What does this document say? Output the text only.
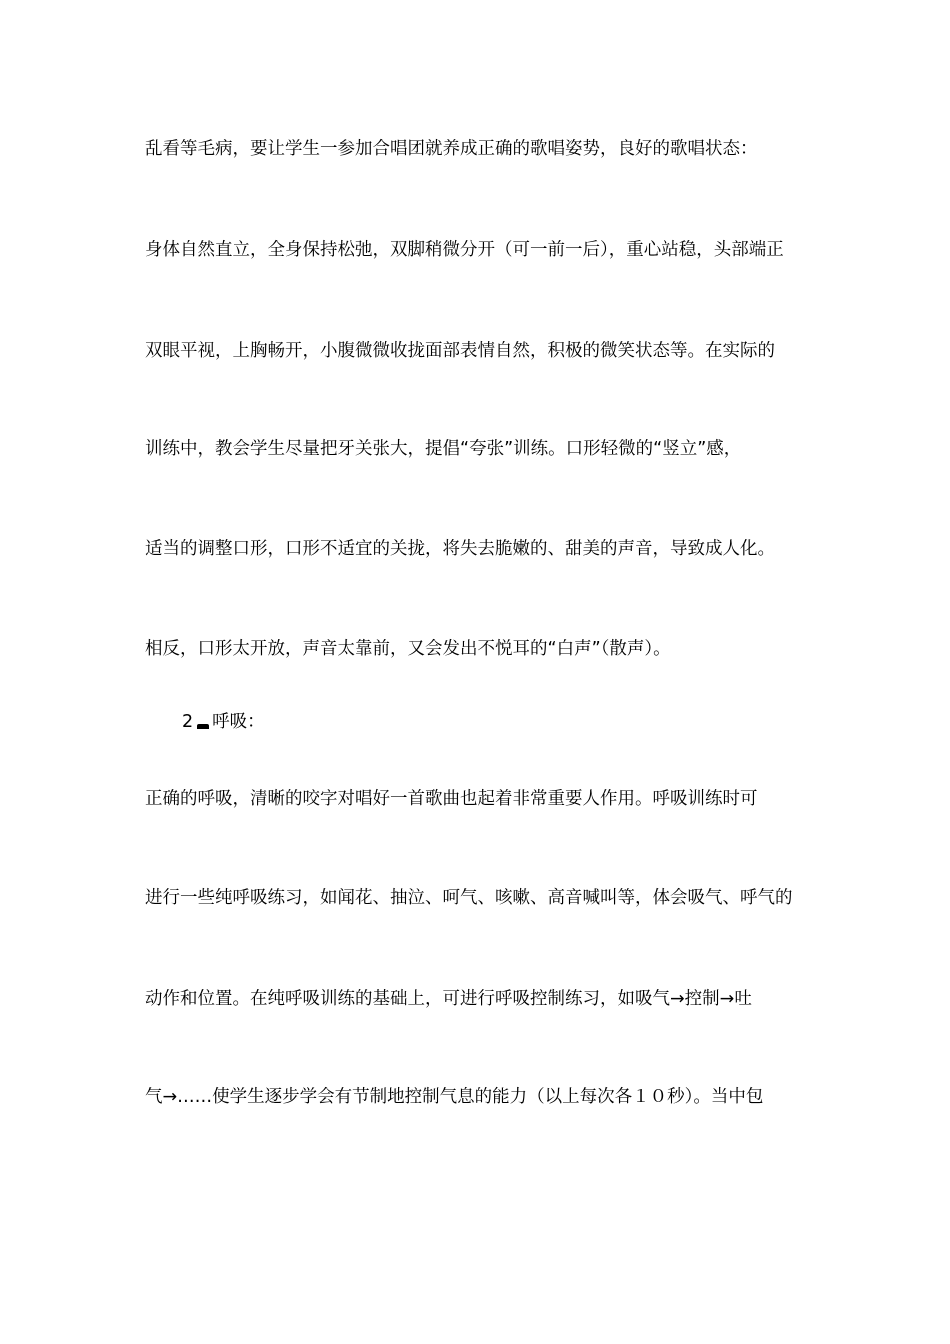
乱看等毛病，要让学生一参加合唱团就养成正确的歌唱姿势，良好的歌唱状态：

身体自然直立，全身保持松弛，双脚稍微分开（可一前一后），重心站稳，头部端正

双眼平视，上胸畅开，小腹微微收拢面部表情自然，积极的微笑状态等。在实际的

训练中，教会学生尽量把牙关张大，提倡“夸张”训练。口形轻微的“竖立”感，

适当的调整口形，口形不适宜的关拢，将失去脆嫩的、甜美的声音，导致成人化。

相反，口形太开放，声音太靠前，又会发出不悦耳的“白声”（散声）。

2 呼吸：

正确的呼吸，清晰的咬字对唱好一首歌曲也起着非常重要人作用。呼吸训练时可

进行一些纯呼吸练习，如闻花、抽泣、呵气、咳嗽、高音喊叫等，体会吸气、呼气的

动作和位置。在纯呼吸训练的基础上，可进行呼吸控制练习，如吸气→控制→吐

气→……使学生逐步学会有节制地控制气息的能力（以上每次各１０秒）。当中包
